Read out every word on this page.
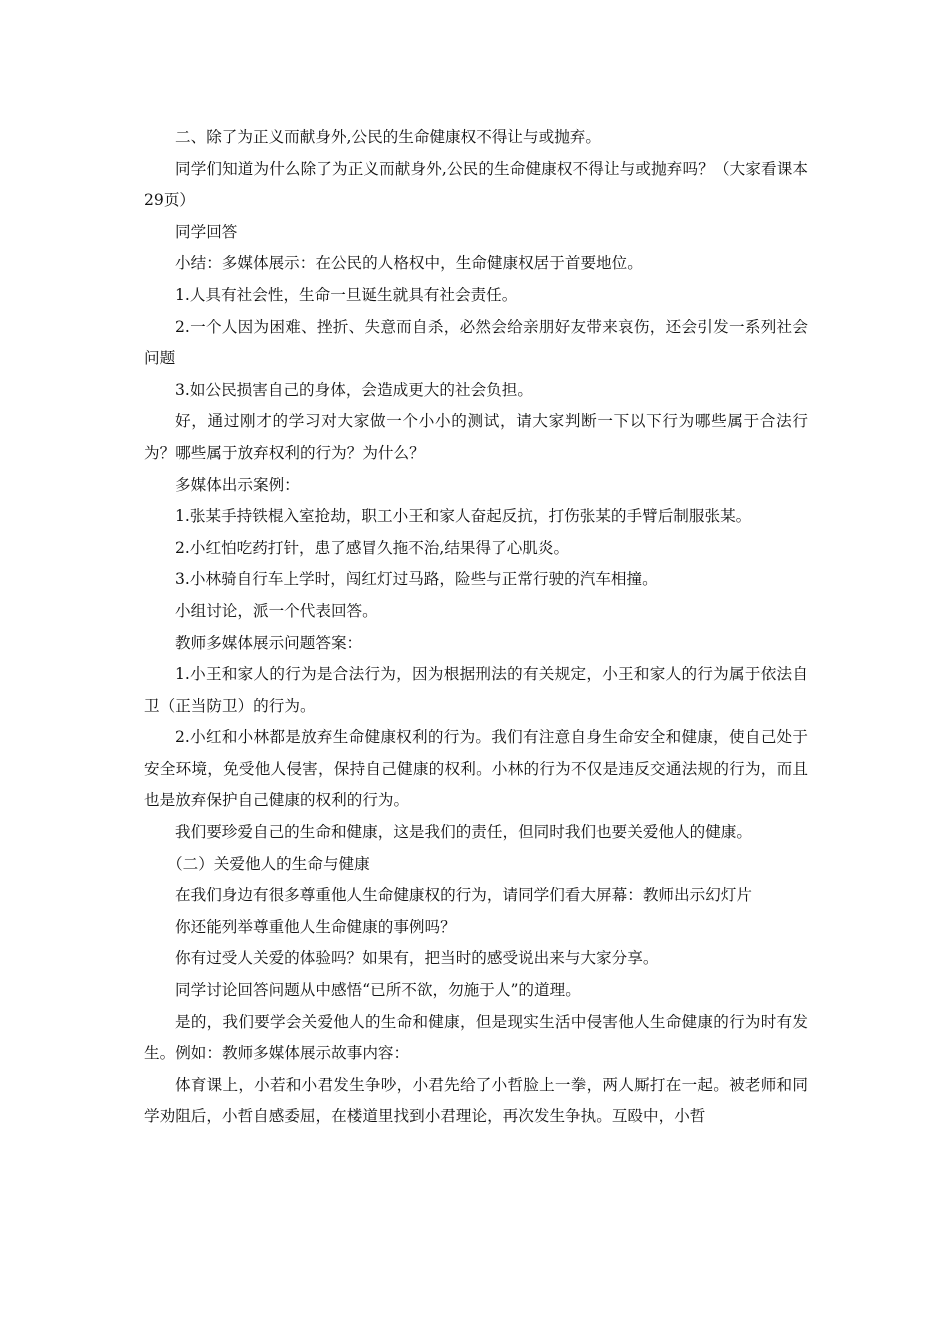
二、除了为正义而献身外,公民的生命健康权不得让与或抛弃。

同学们知道为什么除了为正义而献身外,公民的生命健康权不得让与或抛弃吗？（大家看课本29页）

同学回答

小结：多媒体展示：在公民的人格权中，生命健康权居于首要地位。

1.人具有社会性，生命一旦诞生就具有社会责任。

2.一个人因为困难、挫折、失意而自杀，必然会给亲朋好友带来哀伤，还会引发一系列社会问题

3.如公民损害自己的身体，会造成更大的社会负担。

好，通过刚才的学习对大家做一个小小的测试，请大家判断一下以下行为哪些属于合法行为？哪些属于放弃权利的行为？为什么？

多媒体出示案例：

1.张某手持铁棍入室抢劫，职工小王和家人奋起反抗，打伤张某的手臂后制服张某。

2.小红怕吃药打针，患了感冒久拖不治,结果得了心肌炎。

3.小林骑自行车上学时，闯红灯过马路，险些与正常行驶的汽车相撞。

小组讨论，派一个代表回答。

教师多媒体展示问题答案：

1.小王和家人的行为是合法行为，因为根据刑法的有关规定，小王和家人的行为属于依法自卫（正当防卫）的行为。

2.小红和小林都是放弃生命健康权利的行为。我们有注意自身生命安全和健康，使自己处于安全环境，免受他人侵害，保持自己健康的权利。小林的行为不仅是违反交通法规的行为，而且也是放弃保护自己健康的权利的行为。

我们要珍爱自己的生命和健康，这是我们的责任，但同时我们也要关爱他人的健康。

（二）关爱他人的生命与健康

在我们身边有很多尊重他人生命健康权的行为，请同学们看大屏幕：教师出示幻灯片

你还能列举尊重他人生命健康的事例吗？

你有过受人关爱的体验吗？如果有，把当时的感受说出来与大家分享。

同学讨论回答问题从中感悟“已所不欲，勿施于人”的道理。

是的，我们要学会关爱他人的生命和健康，但是现实生活中侵害他人生命健康的行为时有发生。例如：教师多媒体展示故事内容：

体育课上，小若和小君发生争吵，小君先给了小哲脸上一拳，两人厮打在一起。被老师和同学劝阻后，小哲自感委屈，在楼道里找到小君理论，再次发生争执。互殴中，小哲
